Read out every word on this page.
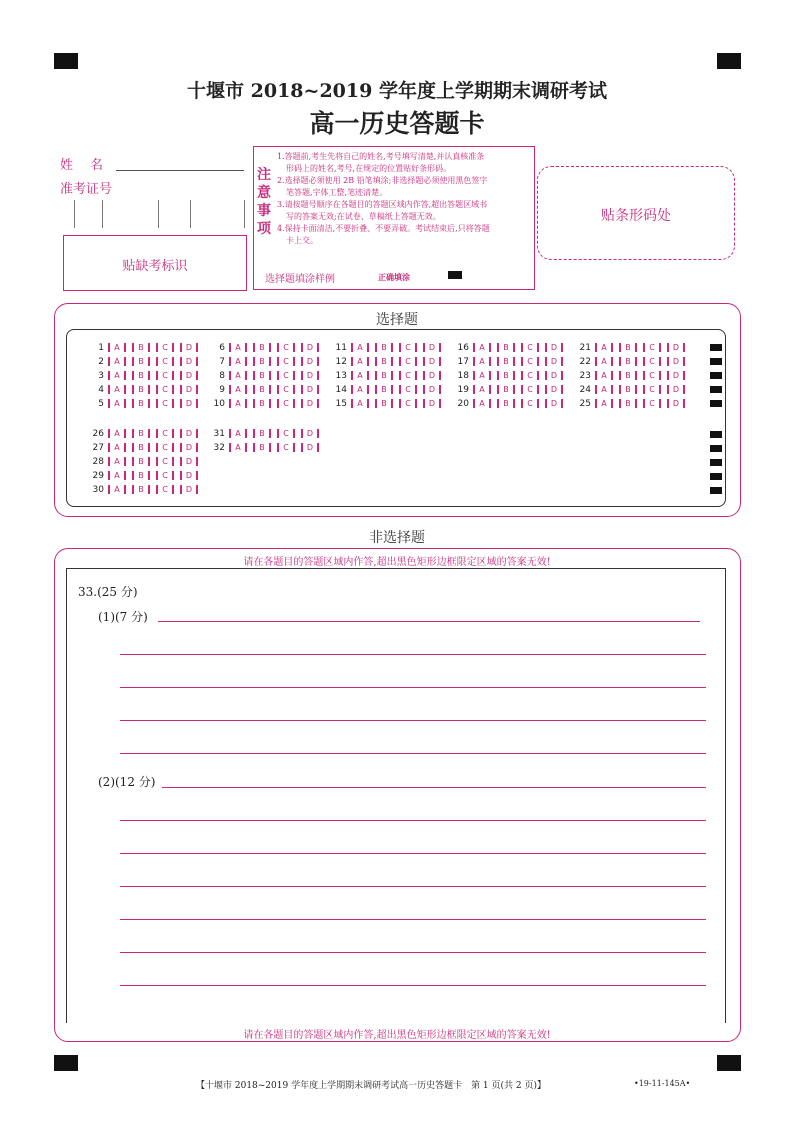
十堰市 2018~2019 学年度上学期期末调研考试
高一历史答题卡
姓　名
准考证号
贴缺考标识
注
意
事
项
1.答题前,考生先将自己的姓名,考号填写清楚,并认真核准条
形码上的姓名,考号,在规定的位置贴好条形码。
2.选择题必须使用 2B 铅笔填涂;非选择题必须使用黑色签字
笔答题,字体工整,笔迹清楚。
3.请按题号顺序在各题目的答题区域内作答,超出答题区域书
写的答案无效;在试卷、草稿纸上答题无效。
4.保持卡面清洁,不要折叠、不要弄破。考试结束后,只将答题
卡上交。
选择题填涂样例	正确填涂
贴条形码处
选择题
1 A B C D
2 A B C D
3 A B C D
4 A B C D
5 A B C D
6 A B C D
7 A B C D
8 A B C D
9 A B C D
10 A B C D
11 A B C D
12 A B C D
13 A B C D
14 A B C D
15 A B C D
16 A B C D
17 A B C D
18 A B C D
19 A B C D
20 A B C D
21 A B C D
22 A B C D
23 A B C D
24 A B C D
25 A B C D
26 A B C D
27 A B C D
28 A B C D
29 A B C D
30 A B C D
31 A B C D
32 A B C D
非选择题
请在各题目的答题区域内作答,超出黑色矩形边框限定区域的答案无效!
33.(25 分)
(1)(7 分)
(2)(12 分)
请在各题目的答题区域内作答,超出黑色矩形边框限定区域的答案无效!
【十堰市 2018~2019 学年度上学期期末调研考试高一历史答题卡　第 1 页(共 2 页)】	•19-11-145A•
